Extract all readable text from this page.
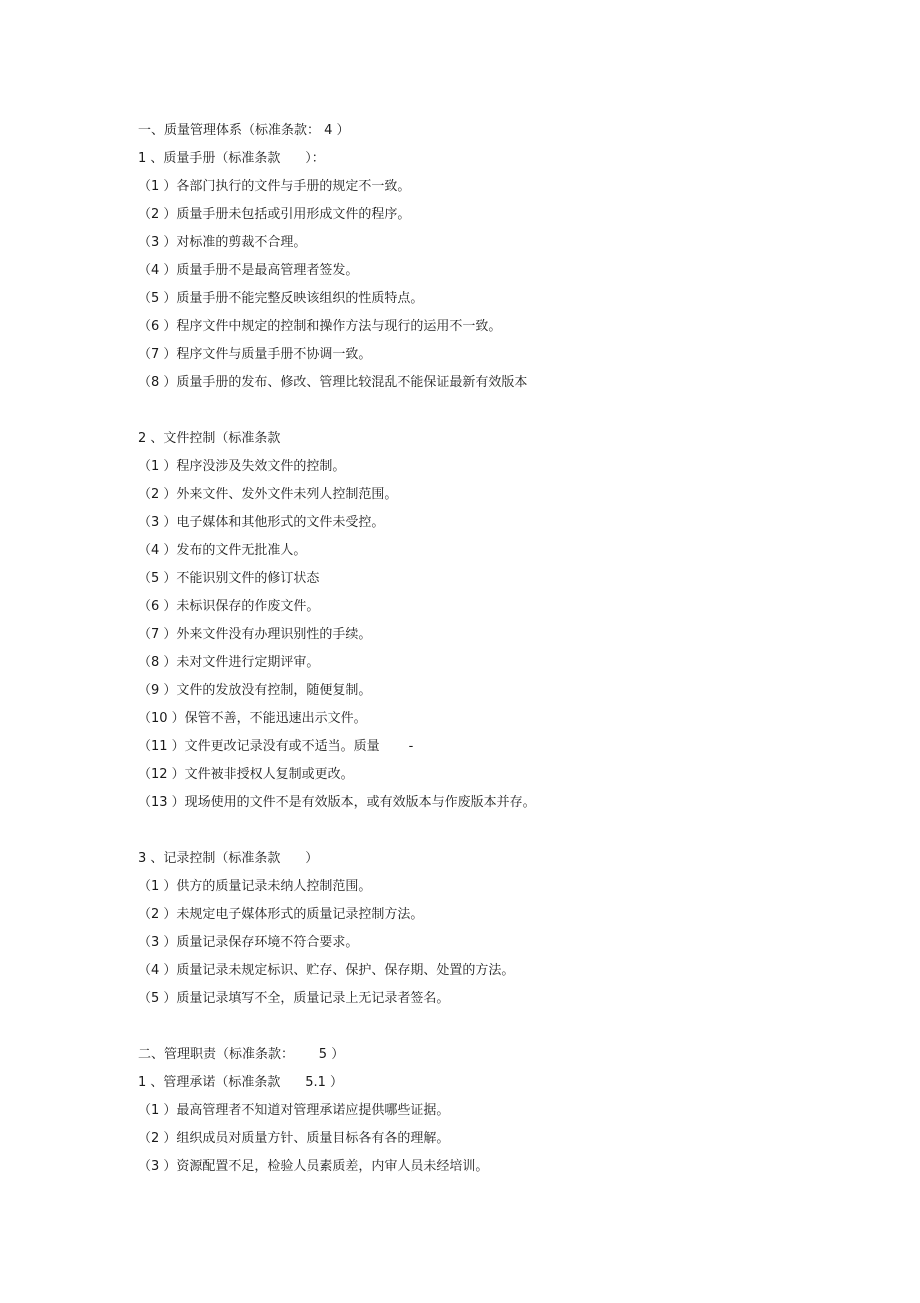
一、质量管理体系（标准条款： 4 ）
1 、质量手册（标准条款      ）：
（1 ）各部门执行的文件与手册的规定不一致。
（2 ）质量手册未包括或引用形成文件的程序。
（3 ）对标准的剪裁不合理。
（4 ）质量手册不是最高管理者签发。
（5 ）质量手册不能完整反映该组织的性质特点。
（6 ）程序文件中规定的控制和操作方法与现行的运用不一致。
（7 ）程序文件与质量手册不协调一致。
（8 ）质量手册的发布、修改、管理比较混乱不能保证最新有效版本
2 、文件控制（标准条款
（1 ）程序没涉及失效文件的控制。
（2 ）外来文件、发外文件未列人控制范围。
（3 ）电子媒体和其他形式的文件未受控。
（4 ）发布的文件无批准人。
（5 ）不能识别文件的修订状态
（6 ）未标识保存的作废文件。
（7 ）外来文件没有办理识别性的手续。
（8 ）未对文件进行定期评审。
（9 ）文件的发放没有控制，随便复制。
（10 ）保管不善，不能迅速出示文件。
（11 ）文件更改记录没有或不适当。质量       -
（12 ）文件被非授权人复制或更改。
（13 ）现场使用的文件不是有效版本，或有效版本与作废版本并存。
3 、记录控制（标准条款      ）
（1 ）供方的质量记录未纳人控制范围。
（2 ）未规定电子媒体形式的质量记录控制方法。
（3 ）质量记录保存环境不符合要求。
（4 ）质量记录未规定标识、贮存、保护、保存期、处置的方法。
（5 ）质量记录填写不全，质量记录上无记录者签名。
二、管理职责（标准条款：      5 ）
1 、管理承诺（标准条款      5.1 ）
（1 ）最高管理者不知道对管理承诺应提供哪些证据。
（2 ）组织成员对质量方针、质量目标各有各的理解。
（3 ）资源配置不足，检验人员素质差，内审人员未经培训。
